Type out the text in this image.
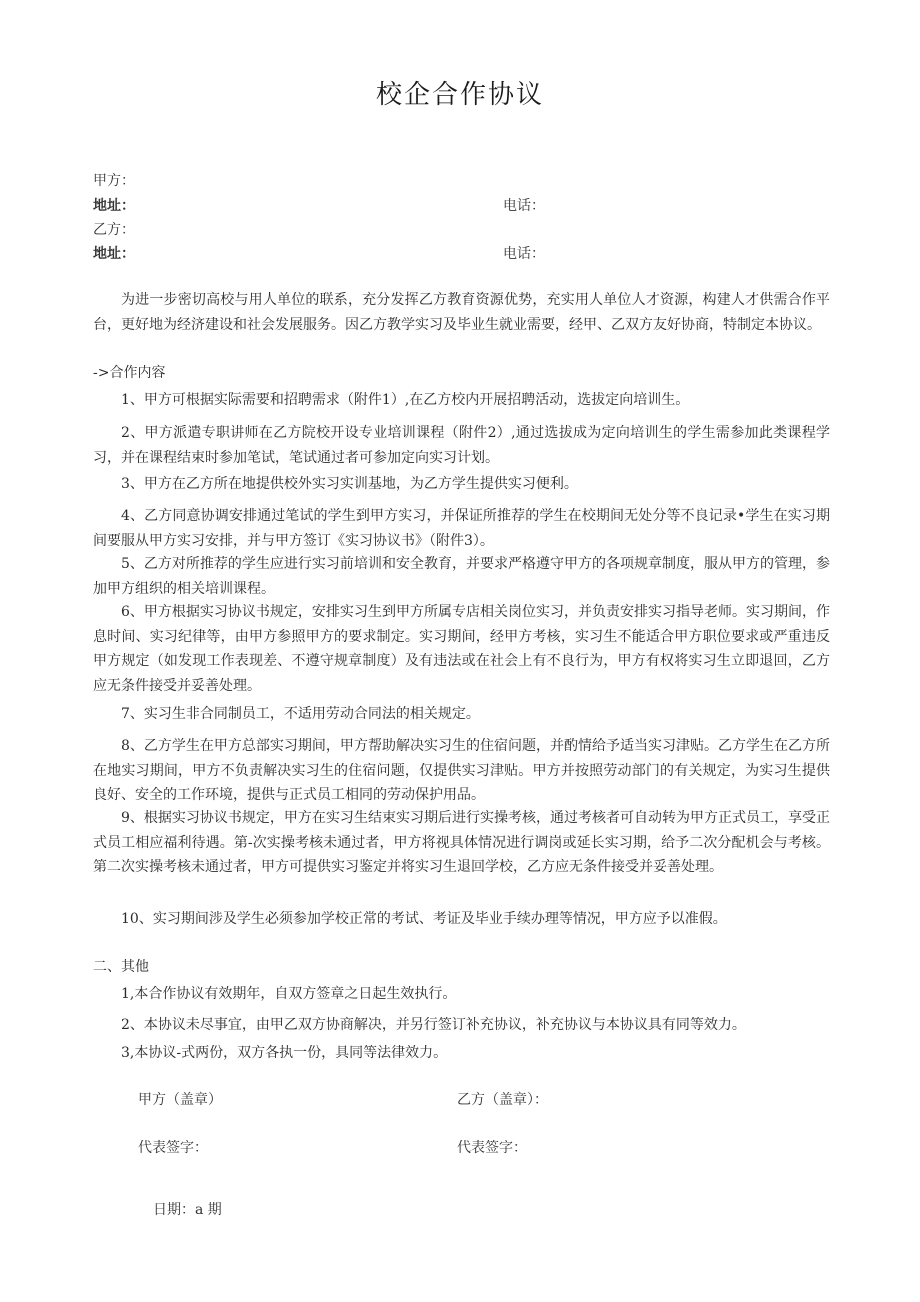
校企合作协议
甲方：
地址：	电话：
乙方：
地址：	电话：
为进一步密切高校与用人单位的联系，充分发挥乙方教育资源优势，充实用人单位人才资源，构建人才供需合作平台，更好地为经济建设和社会发展服务。因乙方教学实习及毕业生就业需要，经甲、乙双方友好协商，特制定本协议。
->合作内容
1、甲方可根据实际需要和招聘需求（附件1）,在乙方校内开展招聘活动，选拔定向培训生。
2、甲方派遣专职讲师在乙方院校开设专业培训课程（附件2）,通过选拔成为定向培训生的学生需参加此类课程学习，并在课程结束时参加笔试，笔试通过者可参加定向实习计划。
3、甲方在乙方所在地提供校外实习实训基地，为乙方学生提供实习便利。
4、乙方同意协调安排通过笔试的学生到甲方实习，并保证所推荐的学生在校期间无处分等不良记录•学生在实习期间要服从甲方实习安排，并与甲方签订《实习协议书》（附件3）。
5、乙方对所推荐的学生应进行实习前培训和安全教育，并要求严格遵守甲方的各项规章制度，服从甲方的管理，参加甲方组织的相关培训课程。
6、甲方根据实习协议书规定，安排实习生到甲方所属专店相关岗位实习，并负责安排实习指导老师。实习期间，作息时间、实习纪律等，由甲方参照甲方的要求制定。实习期间，经甲方考核，实习生不能适合甲方职位要求或严重违反甲方规定（如发现工作表现差、不遵守规章制度）及有违法或在社会上有不良行为，甲方有权将实习生立即退回，乙方应无条件接受并妥善处理。
7、实习生非合同制员工，不适用劳动合同法的相关规定。
8、乙方学生在甲方总部实习期间，甲方帮助解决实习生的住宿问题，并酌情给予适当实习津贴。乙方学生在乙方所在地实习期间，甲方不负责解决实习生的住宿问题，仅提供实习津贴。甲方并按照劳动部门的有关规定，为实习生提供良好、安全的工作环境，提供与正式员工相同的劳动保护用品。
9、根据实习协议书规定，甲方在实习生结束实习期后进行实操考核，通过考核者可自动转为甲方正式员工，享受正式员工相应福利待遇。第-次实操考核未通过者，甲方将视具体情况进行调岗或延长实习期，给予二次分配机会与考核。第二次实操考核未通过者，甲方可提供实习鉴定并将实习生退回学校，乙方应无条件接受并妥善处理。
10、实习期间涉及学生必须参加学校正常的考试、考证及毕业手续办理等情况，甲方应予以准假。
二、其他
1,本合作协议有效期年，自双方签章之日起生效执行。
2、本协议未尽事宜，由甲乙双方协商解决，并另行签订补充协议，补充协议与本协议具有同等效力。
3,本协议-式两份，双方各执一份，具同等法律效力。
甲方（盖章）	乙方（盖章）：
代表签字：	代表签字：
日期：a 期
